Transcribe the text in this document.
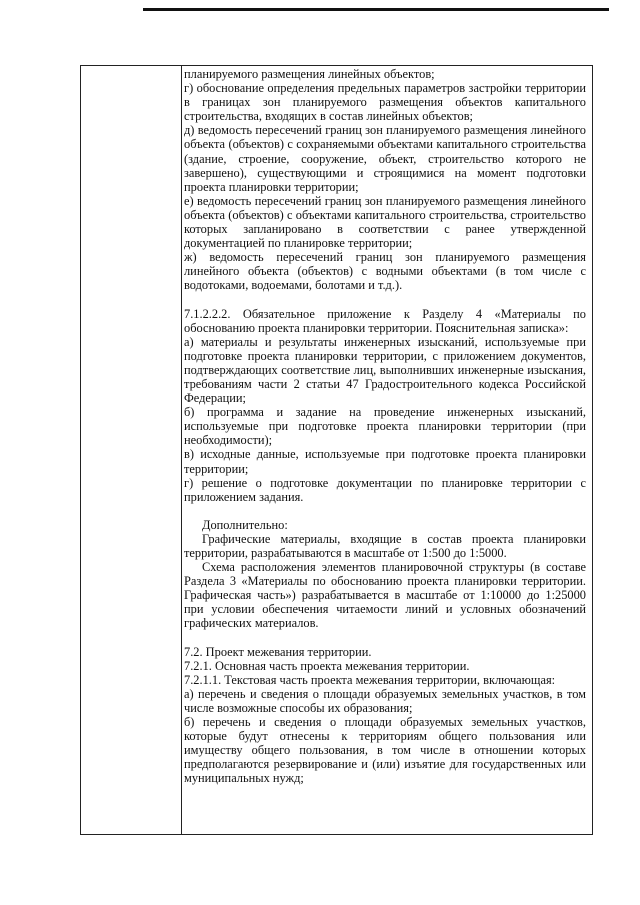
планируемого размещения линейных объектов;

г) обоснование определения предельных параметров застройки территории в границах зон планируемого размещения объектов капитального строительства, входящих в состав линейных объектов;

д) ведомость пересечений границ зон планируемого размещения линейного объекта (объектов) с сохраняемыми объектами капитального строительства (здание, строение, сооружение, объект, строительство которого не завершено), существующими и строящимися на момент подготовки проекта планировки территории;

е) ведомость пересечений границ зон планируемого размещения линейного объекта (объектов) с объектами капитального строительства, строительство которых запланировано в соответствии с ранее утвержденной документацией по планировке территории;

ж) ведомость пересечений границ зон планируемого размещения линейного объекта (объектов) с водными объектами (в том числе с водотоками, водоемами, болотами и т.д.).

7.1.2.2.2. Обязательное приложение к Разделу 4 «Материалы по обоснованию проекта планировки территории. Пояснительная записка»:

а) материалы и результаты инженерных изысканий, используемые при подготовке проекта планировки территории, с приложением документов, подтверждающих соответствие лиц, выполнивших инженерные изыскания, требованиям части 2 статьи 47 Градостроительного кодекса Российской Федерации;

б) программа и задание на проведение инженерных изысканий, используемые при подготовке проекта планировки территории (при необходимости);

в) исходные данные, используемые при подготовке проекта планировки территории;

г) решение о подготовке документации по планировке территории с приложением задания.

Дополнительно:

Графические материалы, входящие в состав проекта планировки территории, разрабатываются в масштабе от 1:500 до 1:5000.

Схема расположения элементов планировочной структуры (в составе Раздела 3 «Материалы по обоснованию проекта планировки территории. Графическая часть») разрабатывается в масштабе от 1:10000 до 1:25000 при условии обеспечения читаемости линий и условных обозначений графических материалов.

7.2. Проект межевания территории.

7.2.1. Основная часть проекта межевания территории.

7.2.1.1. Текстовая часть проекта межевания территории, включающая:

а) перечень и сведения о площади образуемых земельных участков, в том числе возможные способы их образования;

б) перечень и сведения о площади образуемых земельных участков, которые будут отнесены к территориям общего пользования или имуществу общего пользования, в том числе в отношении которых предполагаются резервирование и (или) изъятие для государственных или муниципальных нужд;
